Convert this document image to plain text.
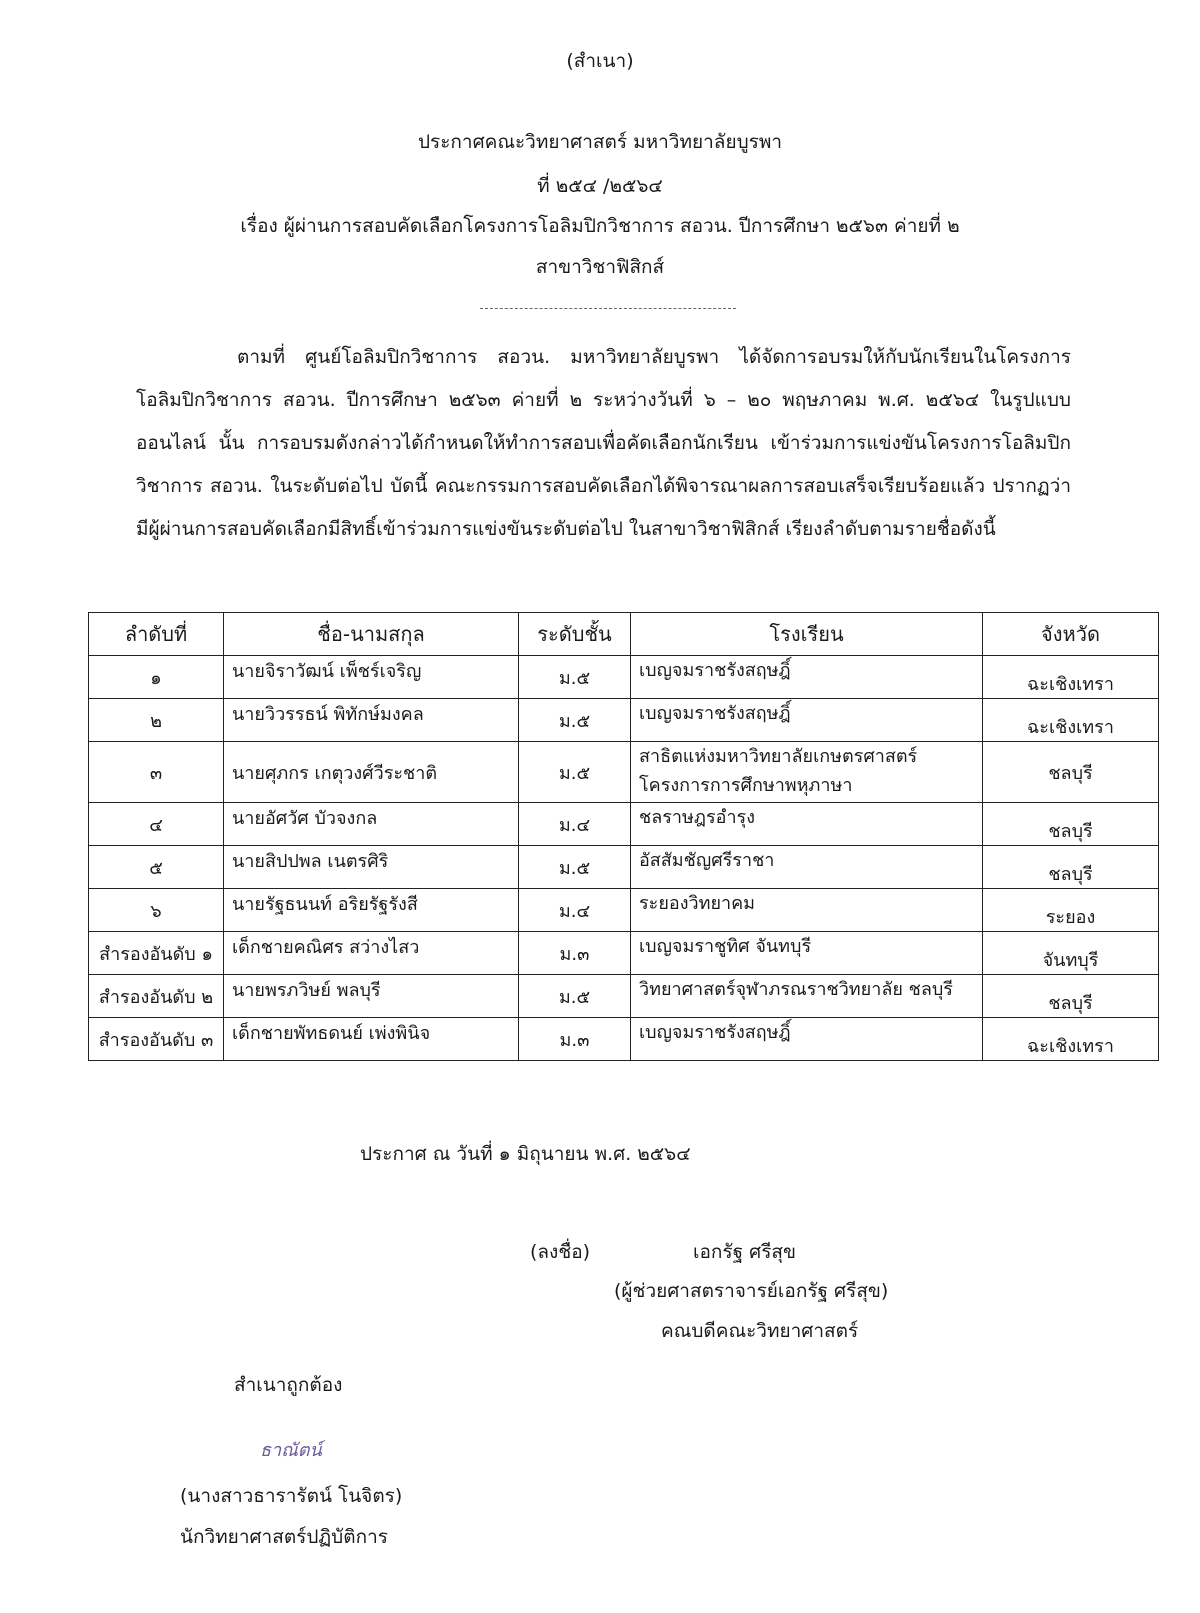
(สำเนา)
ประกาศคณะวิทยาศาสตร์ มหาวิทยาลัยบูรพา
ที่ ๒๕๔ /๒๕๖๔
เรื่อง ผู้ผ่านการสอบคัดเลือกโครงการโอลิมปิกวิชาการ สอวน. ปีการศึกษา ๒๕๖๓ ค่ายที่ ๒
สาขาวิชาฟิสิกส์
ตามที่ ศูนย์โอลิมปิกวิชาการ สอวน. มหาวิทยาลัยบูรพา ได้จัดการอบรมให้กับนักเรียนในโครงการโอลิมปิกวิชาการ สอวน. ปีการศึกษา ๒๕๖๓ ค่ายที่ ๒ ระหว่างวันที่ ๖ – ๒๐ พฤษภาคม พ.ศ. ๒๕๖๔ ในรูปแบบออนไลน์ นั้น การอบรมดังกล่าวได้กำหนดให้ทำการสอบเพื่อคัดเลือกนักเรียน เข้าร่วมการแข่งขันโครงการโอลิมปิกวิชาการ สอวน. ในระดับต่อไป บัดนี้ คณะกรรมการสอบคัดเลือกได้พิจารณาผลการสอบเสร็จเรียบร้อยแล้ว ปรากฏว่ามีผู้ผ่านการสอบคัดเลือกมีสิทธิ์เข้าร่วมการแข่งขันระดับต่อไป ในสาขาวิชาฟิสิกส์ เรียงลำดับตามรายชื่อดังนี้
ลำดับที่	ชื่อ-นามสกุล	ระดับชั้น	โรงเรียน	จังหวัด
๑	นายจิราวัฒน์ เพ็ชร์เจริญ	ม.๕	เบญจมราชรังสฤษฎิ์	ฉะเชิงเทรา
๒	นายวิวรรธน์ พิทักษ์มงคล	ม.๕	เบญจมราชรังสฤษฎิ์	ฉะเชิงเทรา
๓	นายศุภกร เกตุวงศ์วีระชาติ	ม.๕	สาธิตแห่งมหาวิทยาลัยเกษตรศาสตร์ โครงการการศึกษาพหุภาษา	ชลบุรี
๔	นายอัศวัศ บัวจงกล	ม.๔	ชลราษฎรอำรุง	ชลบุรี
๕	นายสิปปพล เนตรศิริ	ม.๕	อัสสัมชัญศรีราชา	ชลบุรี
๖	นายรัฐธนนท์ อริยรัฐรังสี	ม.๔	ระยองวิทยาคม	ระยอง
สำรองอันดับ ๑	เด็กชายคณิศร สว่างไสว	ม.๓	เบญจมราชูทิศ จันทบุรี	จันทบุรี
สำรองอันดับ ๒	นายพรภวิษย์ พลบุรี	ม.๕	วิทยาศาสตร์จุฬาภรณราชวิทยาลัย ชลบุรี	ชลบุรี
สำรองอันดับ ๓	เด็กชายพัทธดนย์ เพ่งพินิจ	ม.๓	เบญจมราชรังสฤษฎิ์	ฉะเชิงเทรา
ประกาศ ณ วันที่ ๑ มิถุนายน พ.ศ. ๒๕๖๔
(ลงชื่อ)	เอกรัฐ ศรีสุข
(ผู้ช่วยศาสตราจารย์เอกรัฐ ศรีสุข)
คณบดีคณะวิทยาศาสตร์
สำเนาถูกต้อง
ธาณัตน์
(นางสาวธารารัตน์ โนจิตร)
นักวิทยาศาสตร์ปฏิบัติการ
